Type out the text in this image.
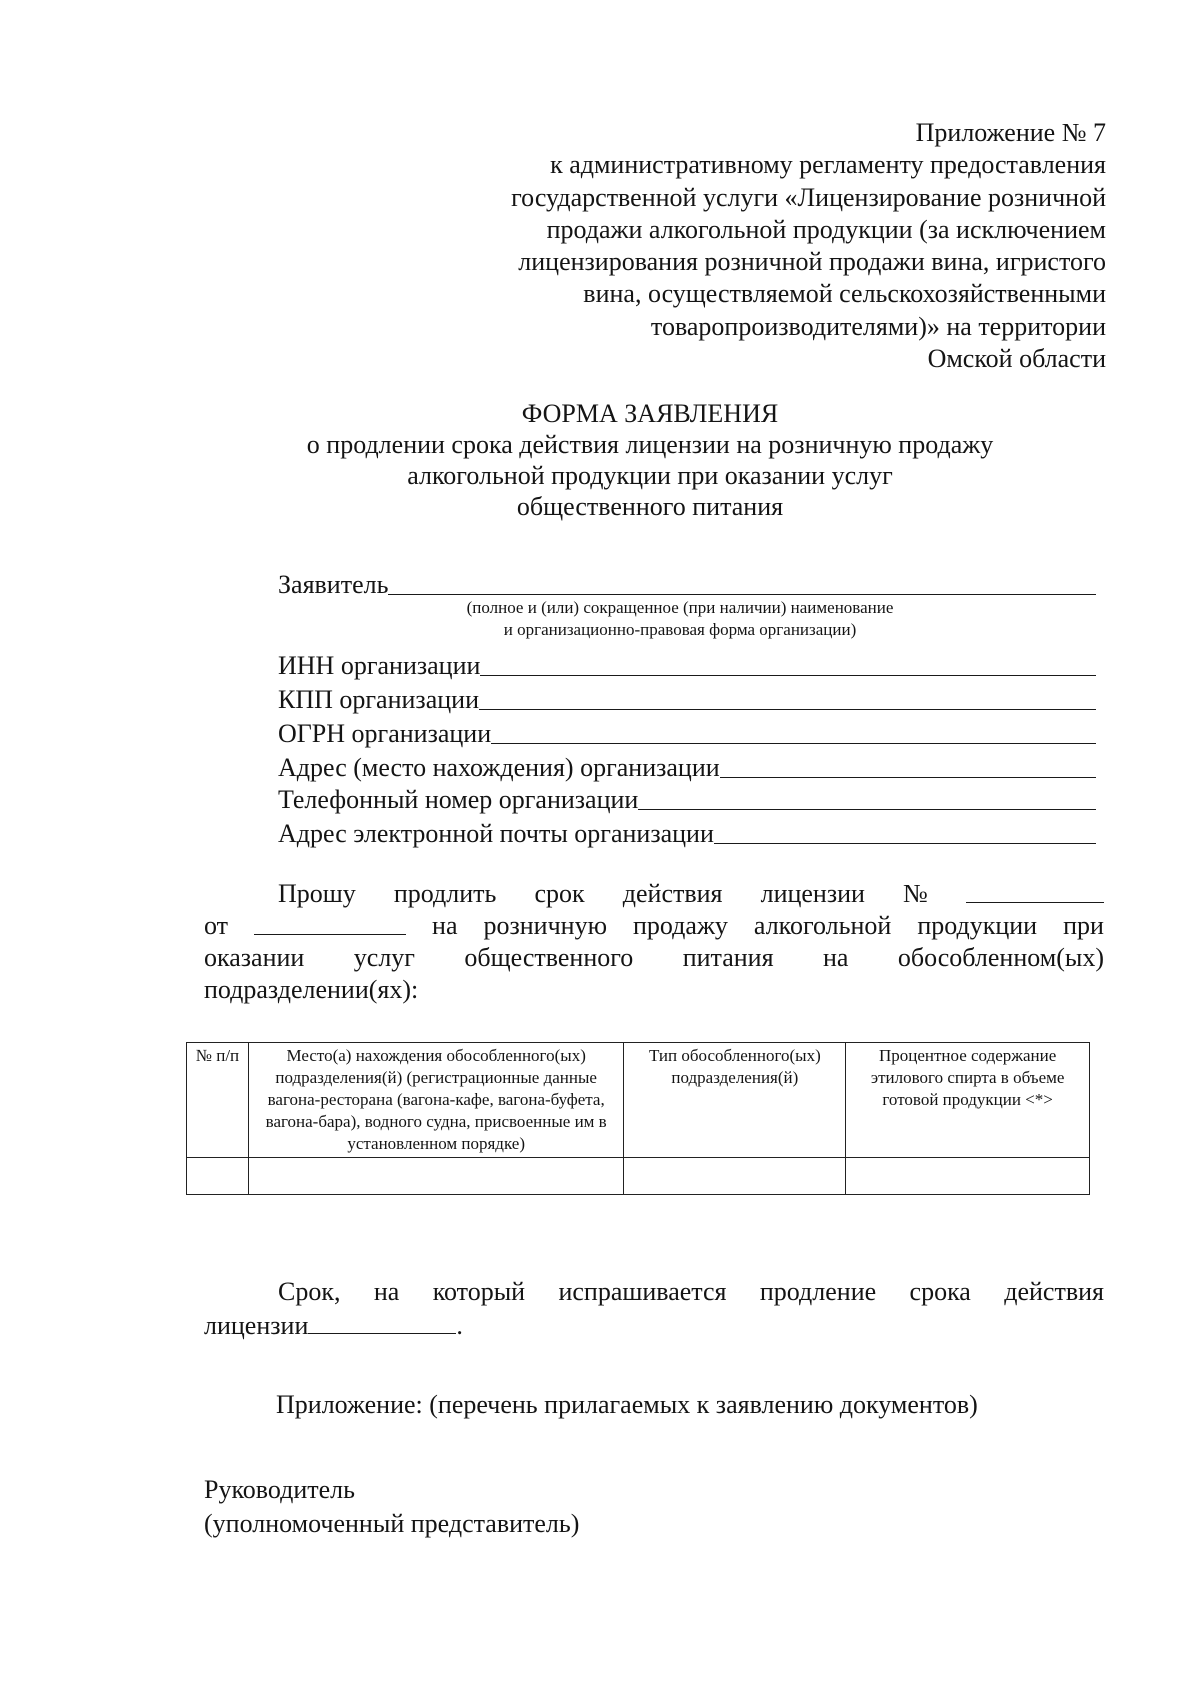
Приложение № 7
к административному регламенту предоставления
государственной услуги «Лицензирование розничной
продажи алкогольной продукции (за исключением
лицензирования розничной продажи вина, игристого
вина, осуществляемой сельскохозяйственными
товаропроизводителями)» на территории
Омской области
ФОРМА ЗАЯВЛЕНИЯ
о продлении срока действия лицензии на розничную продажу
алкогольной продукции при оказании услуг
общественного питания
Заявитель
(полное и (или) сокращенное (при наличии) наименование
и организационно-правовая форма организации)
ИНН организации
КПП организации
ОГРН организации
Адрес (место нахождения) организации
Телефонный номер организации
Адрес электронной почты организации
Прошу продлить срок действия лицензии №
от	на розничную продажу алкогольной продукции при
оказании услуг общественного питания на обособленном(ых)
подразделении(ях):
№ п/п	Место(а) нахождения обособленного(ых) подразделения(й) (регистрационные данные вагона-ресторана (вагона-кафе, вагона-буфета, вагона-бара), водного судна, присвоенные им в установленном порядке)	Тип обособленного(ых) подразделения(й)	Процентное содержание этилового спирта в объеме готовой продукции <*>

Срок, на который испрашивается продление срока действия
лицензии	.
Приложение: (перечень прилагаемых к заявлению документов)
Руководитель
(уполномоченный представитель)
